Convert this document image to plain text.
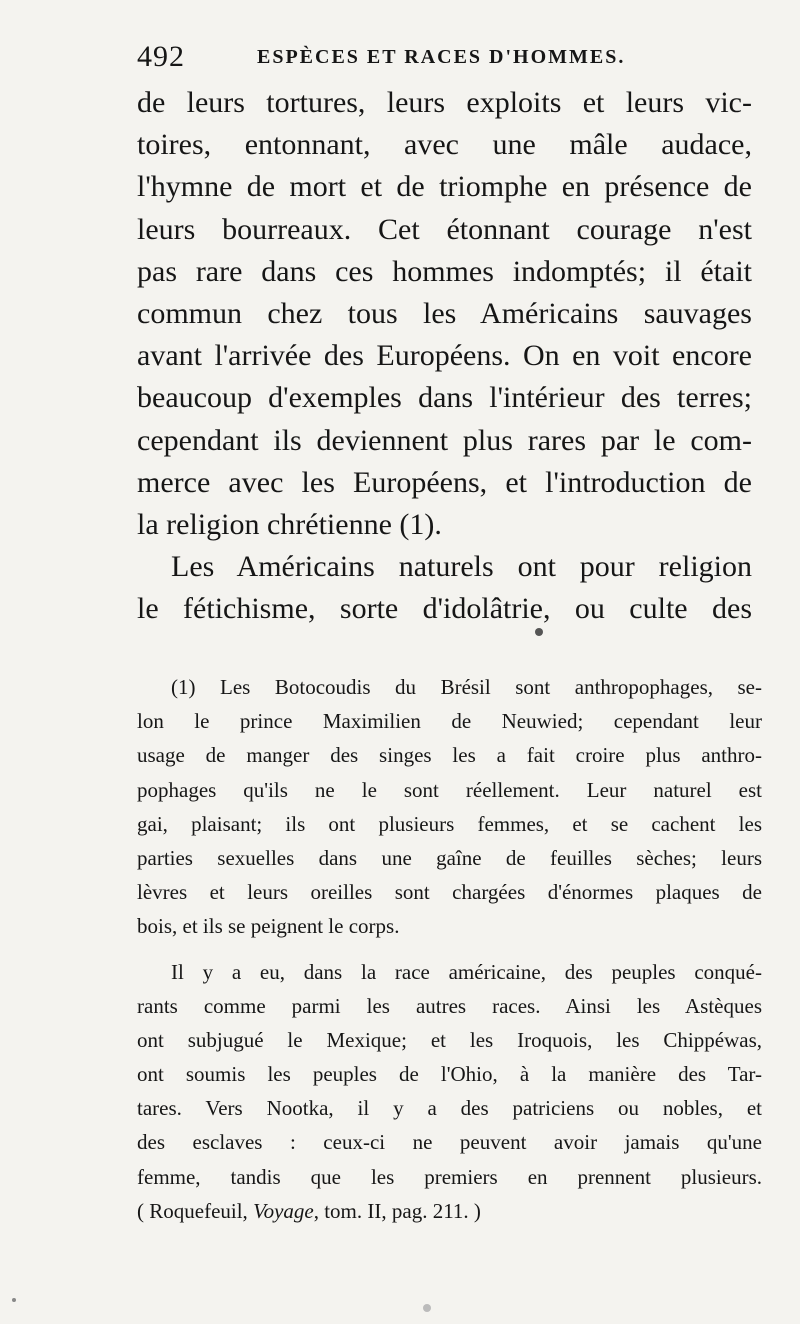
492	ESPÈCES ET RACES D'HOMMES.
de leurs tortures, leurs exploits et leurs vic-
toires, entonnant, avec une mâle audace,
l'hymne de mort et de triomphe en présence de
leurs bourreaux. Cet étonnant courage n'est
pas rare dans ces hommes indomptés; il était
commun chez tous les Américains sauvages
avant l'arrivée des Européens. On en voit encore
beaucoup d'exemples dans l'intérieur des terres;
cependant ils deviennent plus rares par le com-
merce avec les Européens, et l'introduction de
la religion chrétienne (1).
Les Américains naturels ont pour religion
le fétichisme, sorte d'idolâtrie, ou culte des
(1) Les Botocoudis du Brésil sont anthropophages, se-
lon le prince Maximilien de Neuwied; cependant leur
usage de manger des singes les a fait croire plus anthro-
pophages qu'ils ne le sont réellement. Leur naturel est
gai, plaisant; ils ont plusieurs femmes, et se cachent les
parties sexuelles dans une gaîne de feuilles sèches; leurs
lèvres et leurs oreilles sont chargées d'énormes plaques de
bois, et ils se peignent le corps.
Il y a eu, dans la race américaine, des peuples conqué-
rants comme parmi les autres races. Ainsi les Astèques
ont subjugué le Mexique; et les Iroquois, les Chippéwas,
ont soumis les peuples de l'Ohio, à la manière des Tar-
tares. Vers Nootka, il y a des patriciens ou nobles, et
des esclaves : ceux-ci ne peuvent avoir jamais qu'une
femme, tandis que les premiers en prennent plusieurs.
( Roquefeuil, Voyage, tom. II, pag. 211. )
